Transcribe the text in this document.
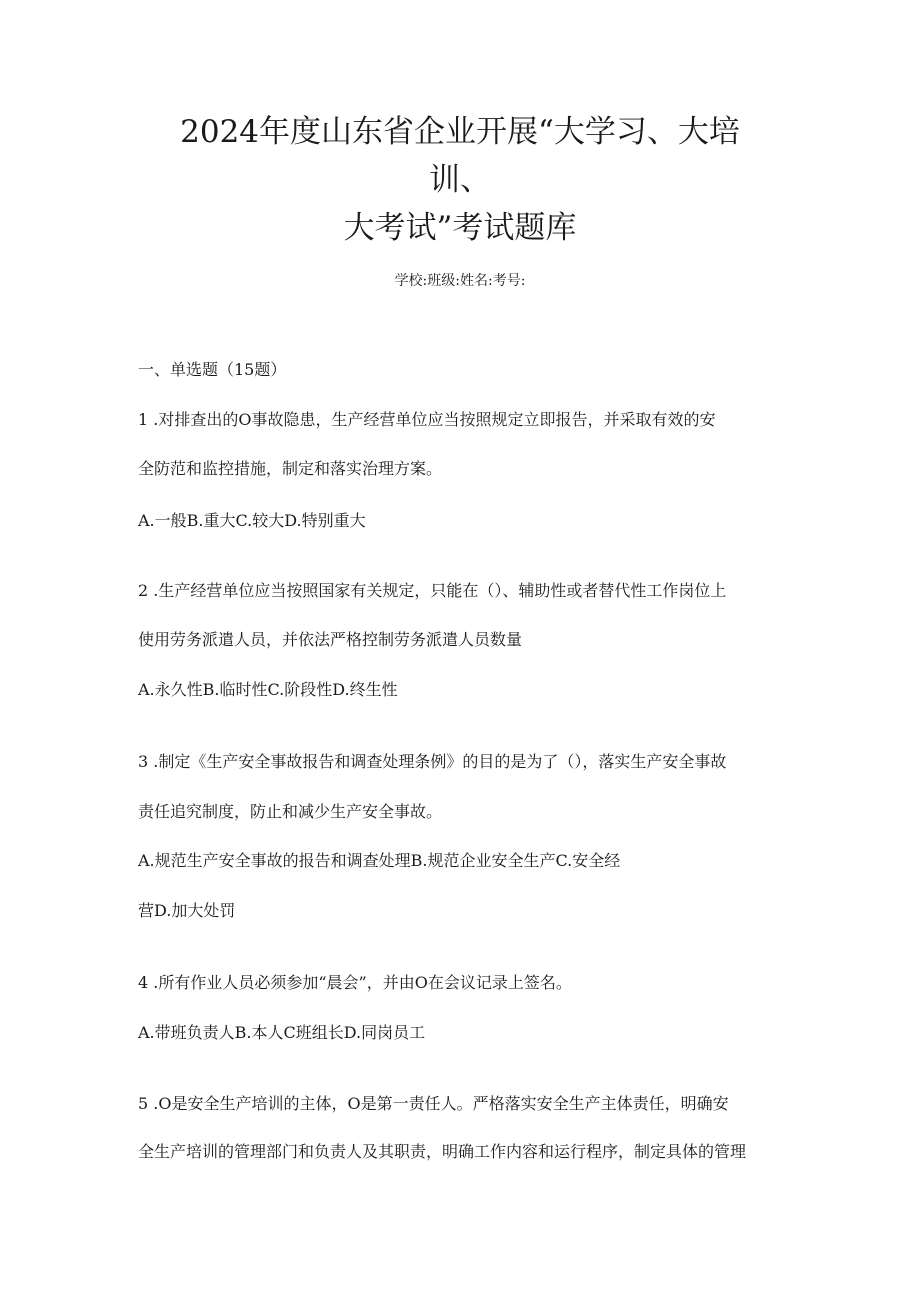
2024年度山东省企业开展“大学习、大培
训、
大考试”考试题库
学校:班级:姓名:考号:
一、单选题（15题）
1 .对排查出的O事故隐患，生产经营单位应当按照规定立即报告，并采取有效的安
全防范和监控措施，制定和落实治理方案。
A.一般B.重大C.较大D.特别重大
2 .生产经营单位应当按照国家有关规定，只能在（）、辅助性或者替代性工作岗位上
使用劳务派遣人员，并依法严格控制劳务派遣人员数量
A.永久性B.临时性C.阶段性D.终生性
3 .制定《生产安全事故报告和调查处理条例》的目的是为了（），落实生产安全事故
责任追究制度，防止和减少生产安全事故。
A.规范生产安全事故的报告和调查处理B.规范企业安全生产C.安全经
营D.加大处罚
4 .所有作业人员必须参加“晨会”，并由O在会议记录上签名。
A.带班负责人B.本人C班组长D.同岗员工
5 .O是安全生产培训的主体，O是第一责任人。严格落实安全生产主体责任，明确安
全生产培训的管理部门和负责人及其职责，明确工作内容和运行程序，制定具体的管理
